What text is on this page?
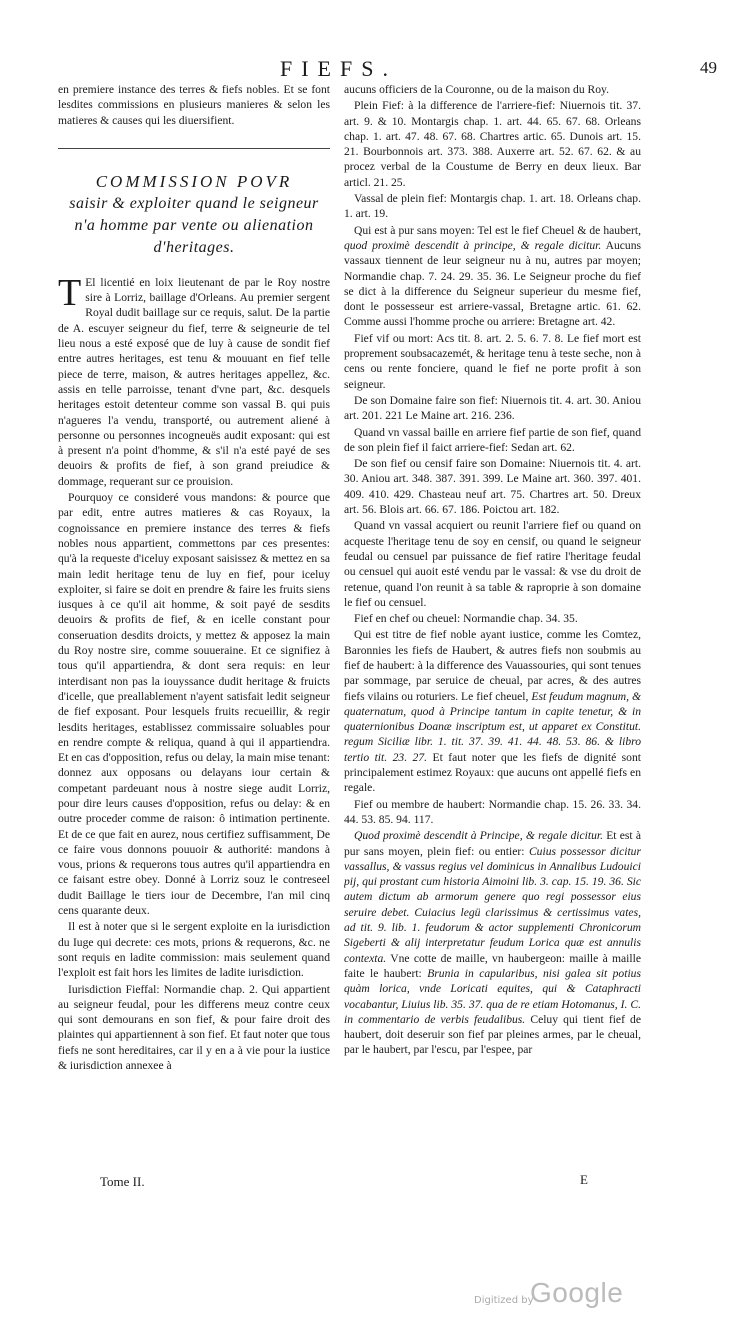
FIEFS.	49

en premiere instance des terres & fiefs nobles. Et se font lesdites commissions en plusieurs manieres & selon les matieres & causes qui les diuersifient.

COMMISSION POVR
saisir & exploiter quand le seigneur n'a homme par vente ou alienation d'heritages.

T El licentié en loix lieutenant de par le Roy nostre sire à Lorriz, baillage d'Orleans. Au premier sergent Royal dudit baillage sur ce requis, salut. De la partie de A. escuyer seigneur du fief, terre & seigneurie de tel lieu nous a esté exposé que de luy à cause de sondit fief entre autres heritages, est tenu & mouuant en fief telle piece de terre, maison, & autres heritages appellez, &c. assis en telle parroisse, tenant d'vne part, &c. desquels heritages estoit detenteur comme son vassal B. qui puis n'agueres l'a vendu, transporté, ou autrement aliené à personne ou personnes incogneuës audit exposant: qui est à present n'a point d'homme, & s'il n'a esté payé de ses deuoirs & profits de fief, à son grand preiudice & dommage, requerant sur ce prouision.

Pourquoy ce consideré vous mandons: & pource que par edit, entre autres matieres & cas Royaux, la cognoissance en premiere instance des terres & fiefs nobles nous appartient, commettons par ces presentes: qu'à la requeste d'iceluy exposant saisissez & mettez en sa main ledit heritage tenu de luy en fief, pour iceluy exploiter, si faire se doit en prendre & faire les fruits siens iusques à ce qu'il ait homme, & soit payé de sesdits deuoirs & profits de fief, & en icelle constant pour conseruation desdits droicts, y mettez & apposez la main du Roy nostre sire, comme souueraine. Et ce signifiez à tous qu'il appartiendra, & dont sera requis: en leur interdisant non pas la iouyssance dudit heritage & fruicts d'icelle, que preallablement n'ayent satisfait ledit seigneur de fief exposant. Pour lesquels fruits recueillir, & regir lesdits heritages, establissez commissaire soluables pour en rendre compte & reliqua, quand à qui il appartiendra. Et en cas d'opposition, refus ou delay, la main mise tenant: donnez aux opposans ou delayans iour certain & competant pardeuant nous à nostre siege audit Lorriz, pour dire leurs causes d'opposition, refus ou delay: & en outre proceder comme de raison: ô intimation pertinente. Et de ce que fait en aurez, nous certifiez suffisamment, De ce faire vous donnons pouuoir & authorité: mandons à vous, prions & requerons tous autres qu'il appartiendra en ce faisant estre obey. Donné à Lorriz souz le contreseel dudit Baillage le tiers iour de Decembre, l'an mil cinq cens quarante deux.

Il est à noter que si le sergent exploite en la iurisdiction du Iuge qui decrete: ces mots, prions & requerons, &c. ne sont requis en ladite commission: mais seulement quand l'exploit est fait hors les limites de ladite iurisdiction.

Iurisdiction Fieffal: Normandie chap. 2. Qui appartient au seigneur feudal, pour les differens meuz contre ceux qui sont demourans en son fief, & pour faire droit des plaintes qui appartiennent à son fief. Et faut noter que tous fiefs ne sont hereditaires, car il y en a à vie pour la iustice & iurisdiction annexee à

aucuns officiers de la Couronne, ou de la maison du Roy.

Plein Fief: à la difference de l'arriere-fief: Niuernois tit. 37. art. 9. & 10. Montargis chap. 1. art. 44. 65. 67. 68. Orleans chap. 1. art. 47. 48. 67. 68. Chartres artic. 65. Dunois art. 15. 21. Bourbonnois art. 373. 388. Auxerre art. 52. 67. 62. & au procez verbal de la Coustume de Berry en deux lieux. Bar articl. 21. 25.

Vassal de plein fief: Montargis chap. 1. art. 18. Orleans chap. 1. art. 19.

Qui est à pur sans moyen: Tel est le fief Cheuel & de haubert, quod proximè descendit à principe, & regale dicitur. Aucuns vassaux tiennent de leur seigneur nu à nu, autres par moyen; Normandie chap. 7. 24. 29. 35. 36. Le Seigneur proche du fief se dict à la difference du Seigneur superieur du mesme fief, dont le possesseur est arriere-vassal, Bretagne artic. 61. 62. Comme aussi l'homme proche ou arriere: Bretagne art. 42.

Fief vif ou mort: Acs tit. 8. art. 2. 5. 6. 7. 8. Le fief mort est proprement soubsacazemét, & heritage tenu à teste seche, non à cens ou rente fonciere, quand le fief ne porte profit à son seigneur.

De son Domaine faire son fief: Niuernois tit. 4. art. 30. Aniou art. 201. 221 Le Maine art. 216. 236.

Quand vn vassal baille en arriere fief partie de son fief, quand de son plein fief il faict arriere-fief: Sedan art. 62.

De son fief ou censif faire son Domaine: Niuernois tit. 4. art. 30. Aniou art. 348. 387. 391. 399. Le Maine art. 360. 397. 401. 409. 410. 429. Chasteau neuf art. 75. Chartres art. 50. Dreux art. 56. Blois art. 66. 67. 186. Poictou art. 182.

Quand vn vassal acquiert ou reunit l'arriere fief ou quand on acqueste l'heritage tenu de soy en censif, ou quand le seigneur feudal ou censuel par puissance de fief ratire l'heritage feudal ou censuel qui auoit esté vendu par le vassal: & vse du droit de retenue, quand l'on reunit à sa table & raproprie à son domaine le fief ou censuel.

Fief en chef ou cheuel: Normandie chap. 34. 35.

Qui est titre de fief noble ayant iustice, comme les Comtez, Baronnies les fiefs de Haubert, & autres fiefs non soubmis au fief de haubert: à la difference des Vauassouries, qui sont tenues par sommage, par seruice de cheual, par acres, & des autres fiefs vilains ou roturiers. Le fief cheuel, Est feudum magnum, & quaternatum, quod à Principe tantum in capite tenetur, & in quaternionibus Doanæ inscriptum est, ut apparet ex Constitut. regum Siciliæ libr. 1. tit. 37. 39. 41. 44. 48. 53. 86. & libro tertio tit. 23. 27. Et faut noter que les fiefs de dignité sont principalement estimez Royaux: que aucuns ont appellé fiefs en regale.

Fief ou membre de haubert: Normandie chap. 15. 26. 33. 34. 44. 53. 85. 94. 117.

Quod proximè descendit à Principe, & regale dicitur. Et est à pur sans moyen, plein fief: ou entier: Cuius possessor dicitur vassallus, & vassus regius vel dominicus in Annalibus Ludouici pij, qui prostant cum historia Aimoini lib. 3. cap. 15. 19. 36. Sic autem dictum ab armorum genere quo regi possessor eius seruire debet. Cuiacius legü clarissimus & certissimus vates, ad tit. 9. lib. 1. feudorum & actor supplementi Chronicorum Sigeberti & alij interpretatur feudum Lorica quæ est annulis contexta. Vne cotte de maille, vn haubergeon: maille à maille faite le haubert: Brunia in capularibus, nisi galea sit potius quàm lorica, vnde Loricati equites, qui & Cataphracti vocabantur, Liuius lib. 35. 37. qua de re etiam Hotomanus, I. C. in commentario de verbis feudalibus. Celuy qui tient fief de haubert, doit deseruir son fief par pleines armes, par le cheual, par le haubert, par l'escu, par l'espee, par

Tome II.	E
Digitized by
Google
